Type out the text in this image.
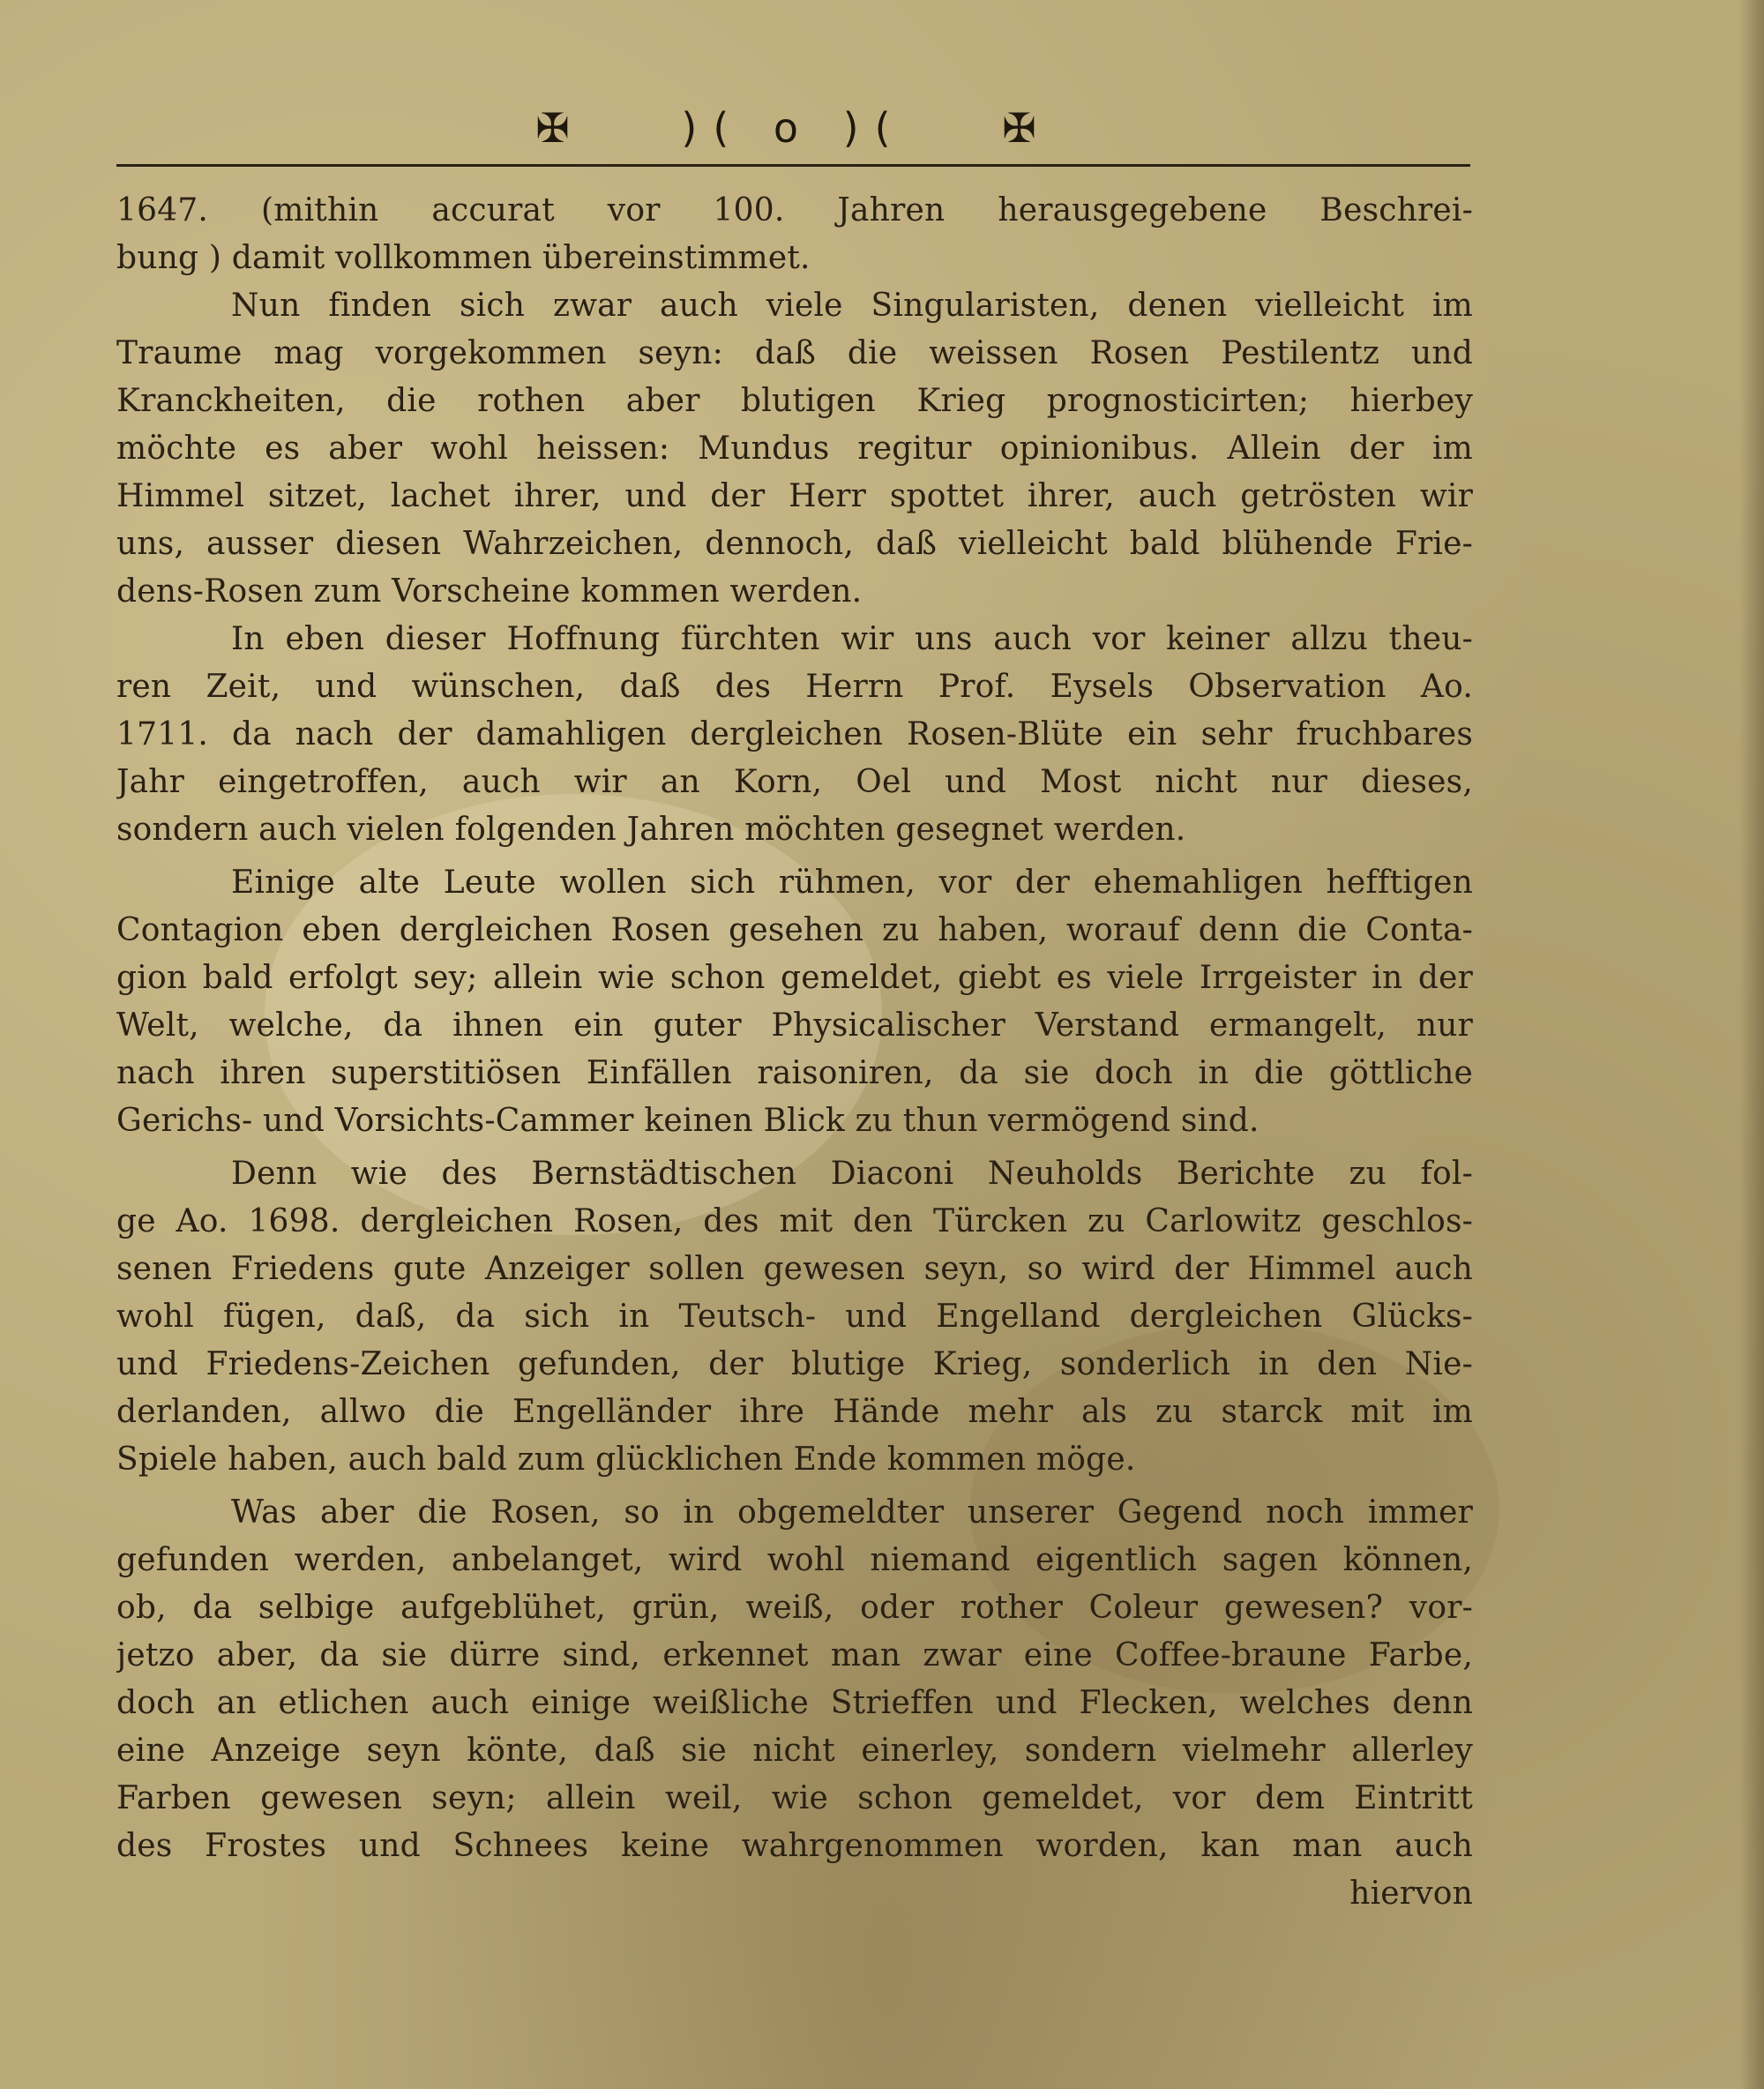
✠ )( o )( ✠
1647. (mithin accurat vor 100. Jahren herausgegebene Beschrei-
bung ) damit vollkommen übereinstimmet.
Nun finden sich zwar auch viele Singularisten, denen vielleicht im
Traume mag vorgekommen seyn: daß die weissen Rosen Pestilentz und
Kranckheiten, die rothen aber blutigen Krieg prognosticirten; hierbey
möchte es aber wohl heissen: Mundus regitur opinionibus. Allein der im
Himmel sitzet, lachet ihrer, und der Herr spottet ihrer, auch getrösten wir
uns, ausser diesen Wahrzeichen, dennoch, daß vielleicht bald blühende Frie-
dens-Rosen zum Vorscheine kommen werden.
In eben dieser Hoffnung fürchten wir uns auch vor keiner allzu theu-
ren Zeit, und wünschen, daß des Herrn Prof. Eysels Observation Ao.
1711. da nach der damahligen dergleichen Rosen-Blüte ein sehr fruchbares
Jahr eingetroffen, auch wir an Korn, Oel und Most nicht nur dieses,
sondern auch vielen folgenden Jahren möchten gesegnet werden.
Einige alte Leute wollen sich rühmen, vor der ehemahligen hefftigen
Contagion eben dergleichen Rosen gesehen zu haben, worauf denn die Conta-
gion bald erfolgt sey; allein wie schon gemeldet, giebt es viele Irrgeister in der
Welt, welche, da ihnen ein guter Physicalischer Verstand ermangelt, nur
nach ihren superstitiösen Einfällen raisoniren, da sie doch in die göttliche
Gerichs- und Vorsichts-Cammer keinen Blick zu thun vermögend sind.
Denn wie des Bernstädtischen Diaconi Neuholds Berichte zu fol-
ge Ao. 1698. dergleichen Rosen, des mit den Türcken zu Carlowitz geschlos-
senen Friedens gute Anzeiger sollen gewesen seyn, so wird der Himmel auch
wohl fügen, daß, da sich in Teutsch- und Engelland dergleichen Glücks-
und Friedens-Zeichen gefunden, der blutige Krieg, sonderlich in den Nie-
derlanden, allwo die Engelländer ihre Hände mehr als zu starck mit im
Spiele haben, auch bald zum glücklichen Ende kommen möge.
Was aber die Rosen, so in obgemeldter unserer Gegend noch immer
gefunden werden, anbelanget, wird wohl niemand eigentlich sagen können,
ob, da selbige aufgeblühet, grün, weiß, oder rother Coleur gewesen? vor-
jetzo aber, da sie dürre sind, erkennet man zwar eine Coffee-braune Farbe,
doch an etlichen auch einige weißliche Strieffen und Flecken, welches denn
eine Anzeige seyn könte, daß sie nicht einerley, sondern vielmehr allerley
Farben gewesen seyn; allein weil, wie schon gemeldet, vor dem Eintritt
des Frostes und Schnees keine wahrgenommen worden, kan man auch
hiervon
